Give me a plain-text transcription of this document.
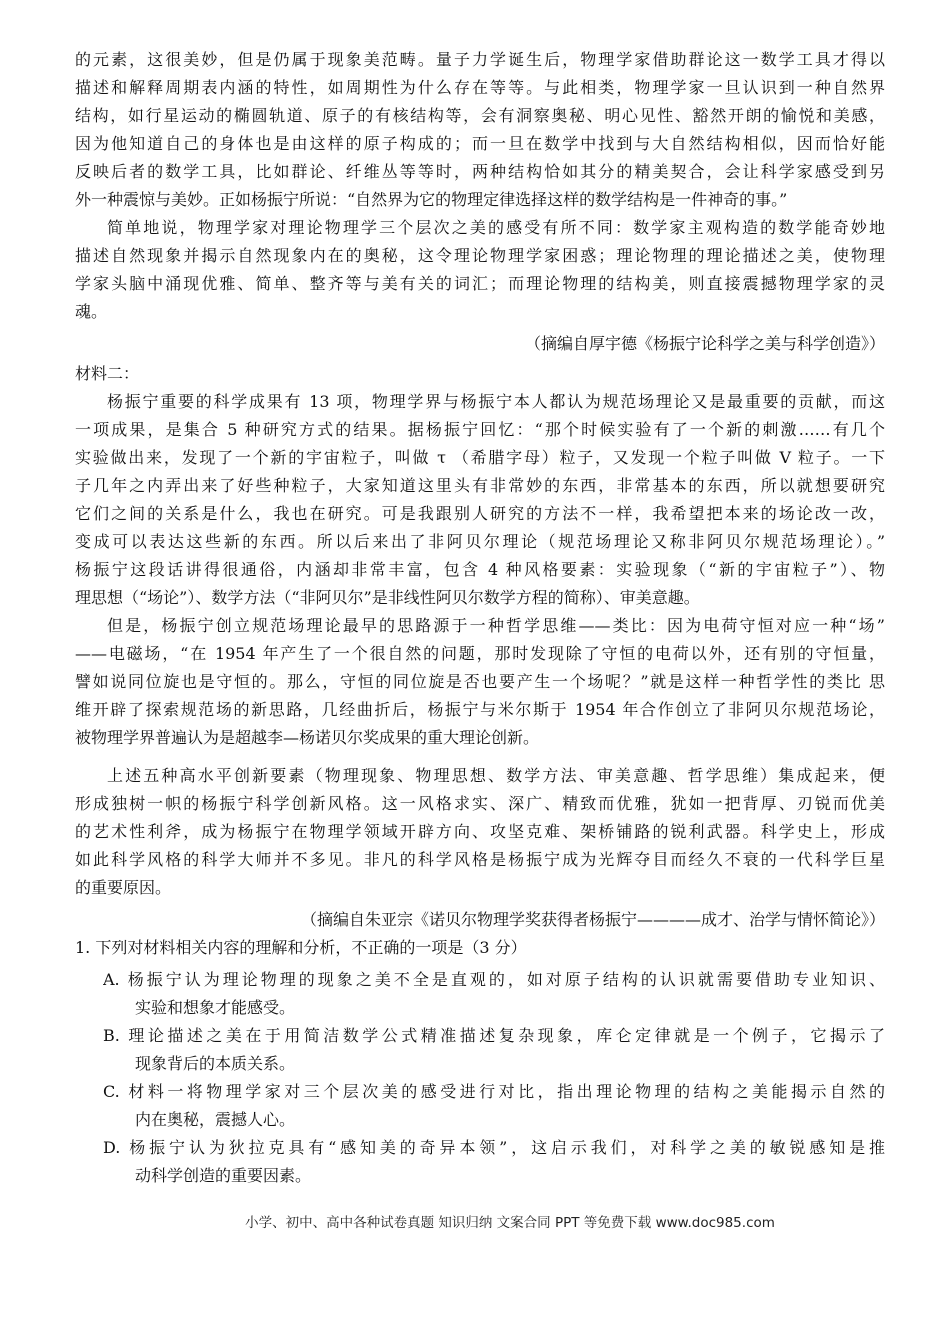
的元素，这很美妙，但是仍属于现象美范畴。量子力学诞生后，物理学家借助群论这一数学工具才得以
描述和解释周期表内涵的特性，如周期性为什么存在等等。与此相类，物理学家一旦认识到一种自然界
结构，如行星运动的椭圆轨道、原子的有核结构等，会有洞察奥秘、明心见性、豁然开朗的愉悦和美感，
因为他知道自己的身体也是由这样的原子构成的；而一旦在数学中找到与大自然结构相似，因而恰好能
反映后者的数学工具，比如群论、纤维丛等等时，两种结构恰如其分的精美契合，会让科学家感受到另
外一种震惊与美妙。正如杨振宁所说：“自然界为它的物理定律选择这样的数学结构是一件神奇的事。”
简单地说，物理学家对理论物理学三个层次之美的感受有所不同：数学家主观构造的数学能奇妙地
描述自然现象并揭示自然现象内在的奥秘，这令理论物理学家困惑；理论物理的理论描述之美，使物理
学家头脑中涌现优雅、简单、整齐等与美有关的词汇；而理论物理的结构美，则直接震撼物理学家的灵
魂。
（摘编自厚宇德《杨振宁论科学之美与科学创造》）
材料二：
杨振宁重要的科学成果有 13 项，物理学界与杨振宁本人都认为规范场理论又是最重要的贡献，而这
一项成果，是集合 5 种研究方式的结果。据杨振宁回忆：“那个时候实验有了一个新的刺激……有几个
实验做出来，发现了一个新的宇宙粒子，叫做 τ （希腊字母）粒子，又发现一个粒子叫做 V 粒子。一下
子几年之内弄出来了好些种粒子，大家知道这里头有非常妙的东西，非常基本的东西，所以就想要研究
它们之间的关系是什么，我也在研究。可是我跟别人研究的方法不一样，我希望把本来的场论改一改，
变成可以表达这些新的东西。所以后来出了非阿贝尔理论（规范场理论又称非阿贝尔规范场理论）。”
杨振宁这段话讲得很通俗，内涵却非常丰富，包含 4 种风格要素：实验现象（“新的宇宙粒子”）、物
理思想（“场论”）、数学方法（“非阿贝尔”是非线性阿贝尔数学方程的简称）、审美意趣。
但是，杨振宁创立规范场理论最早的思路源于一种哲学思维——类比：因为电荷守恒对应一种“场”
——电磁场，“在 1954 年产生了一个很自然的问题，那时发现除了守恒的电荷以外，还有别的守恒量，
譬如说同位旋也是守恒的。那么，守恒的同位旋是否也要产生一个场呢？”就是这样一种哲学性的类比 思
维开辟了探索规范场的新思路，几经曲折后，杨振宁与米尔斯于 1954 年合作创立了非阿贝尔规范场论，
被物理学界普遍认为是超越李—杨诺贝尔奖成果的重大理论创新。
上述五种高水平创新要素（物理现象、物理思想、数学方法、审美意趣、哲学思维）集成起来，便
形成独树一帜的杨振宁科学创新风格。这一风格求实、深广、精致而优雅，犹如一把背厚、刃锐而优美
的艺术性利斧，成为杨振宁在物理学领域开辟方向、攻坚克难、架桥铺路的锐利武器。科学史上，形成
如此科学风格的科学大师并不多见。非凡的科学风格是杨振宁成为光辉夺目而经久不衰的一代科学巨星
的重要原因。
（摘编自朱亚宗《诺贝尔物理学奖获得者杨振宁————成才、治学与情怀简论》）
1. 下列对材料相关内容的理解和分析，不正确的一项是（3 分）
A. 杨振宁认为理论物理的现象之美不全是直观的，如对原子结构的认识就需要借助专业知识、
实验和想象才能感受。
B. 理论描述之美在于用简洁数学公式精准描述复杂现象，库仑定律就是一个例子，它揭示了
现象背后的本质关系。
C. 材料一将物理学家对三个层次美的感受进行对比，指出理论物理的结构之美能揭示自然的
内在奥秘，震撼人心。
D. 杨振宁认为狄拉克具有“感知美的奇异本领”，这启示我们，对科学之美的敏锐感知是推
动科学创造的重要因素。
小学、初中、高中各种试卷真题 知识归纳 文案合同 PPT 等免费下载 www.doc985.com
